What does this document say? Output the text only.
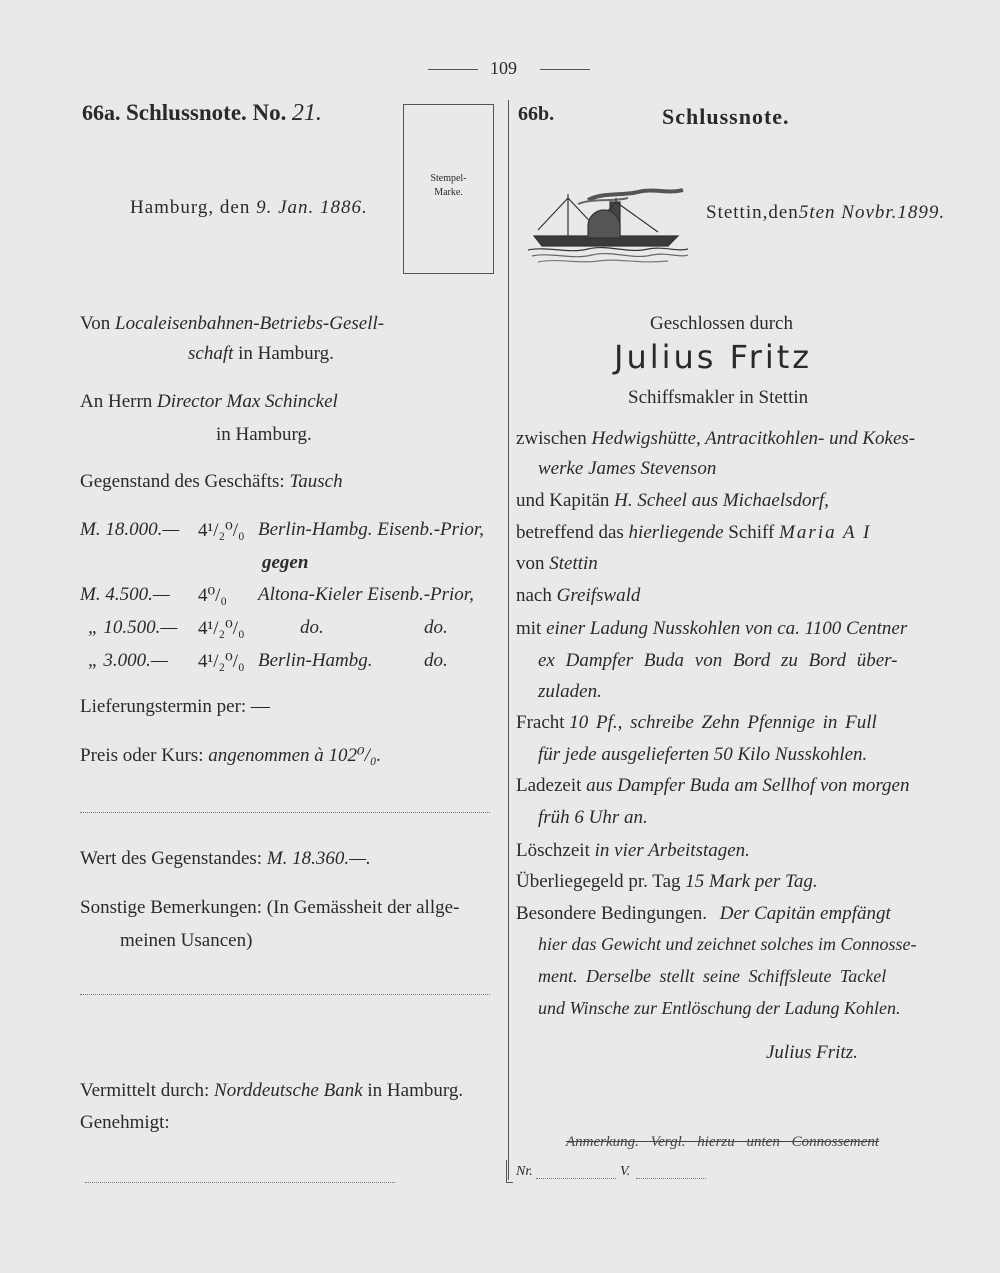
109
66a. Schlussnote. No. 21.
Hamburg, den 9. Jan. 1886.
Stempel-
Marke.
Von Localeisenbahnen-Betriebs-Gesell-
schaft in Hamburg.
An Herrn Director Max Schinckel
in Hamburg.
Gegenstand des Geschäfts: Tausch
M. 18.000.— 4¹/₂⁰/₀ Berlin-Hambg. Eisenb.-Prior,
gegen
M. 4.500.— 4⁰/₀ Altona-Kieler Eisenb.-Prior,
„ 10.500.— 4¹/₂⁰/₀	do.	do.
„ 3.000.— 4¹/₂⁰/₀ Berlin-Hambg.	do.
Lieferungstermin per: —
Preis oder Kurs: angenommen à 102⁰/₀.
Wert des Gegenstandes: M. 18.360.—.
Sonstige Bemerkungen: (In Gemässheit der allge-
meinen Usancen)
Vermittelt durch: Norddeutsche Bank in Hamburg.
Genehmigt:
66b.	Schlussnote.
Stettin,den5ten Novbr.1899.
Geschlossen durch
Julius Fritz
Schiffsmakler in Stettin
zwischen Hedwigshütte, Antracitkohlen- und Kokes-
werke James Stevenson
und Kapitän H. Scheel aus Michaelsdorf,
betreffend das hierliegende Schiff Maria A I
von Stettin
nach Greifswald
mit einer Ladung Nusskohlen von ca. 1100 Centner
ex Dampfer Buda von Bord zu Bord über-
zuladen.
Fracht 10 Pf., schreibe Zehn Pfennige in Full
für jede ausgelieferten 50 Kilo Nusskohlen.
Ladezeit aus Dampfer Buda am Sellhof von morgen
früh 6 Uhr an.
Löschzeit in vier Arbeitstagen.
Überliegegeld pr. Tag 15 Mark per Tag.
Besondere Bedingungen. Der Capitän empfängt
hier das Gewicht und zeichnet solches im Connosse-
ment. Derselbe stellt seine Schiffsleute Tackel
und Winsche zur Entlöschung der Ladung Kohlen.
Julius Fritz.
Anmerkung. Vergl. hierzu unten Connossement
Nr.	V.
